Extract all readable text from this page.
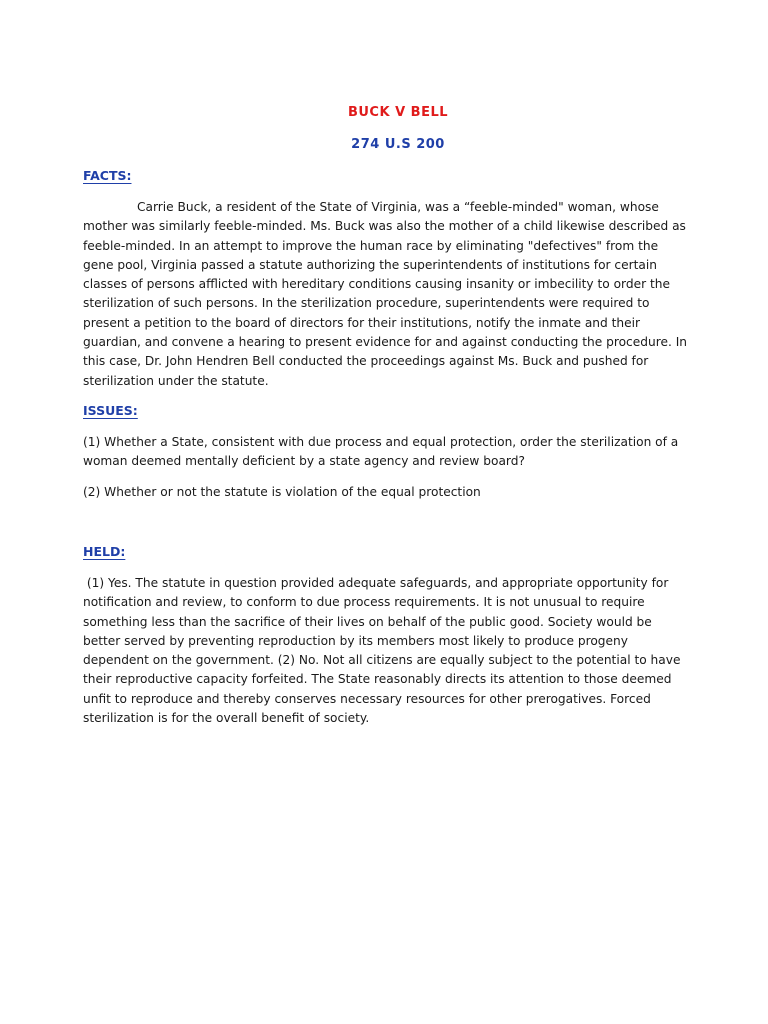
BUCK V BELL
274 U.S 200
FACTS:

Carrie Buck, a resident of the State of Virginia, was a “feeble-minded" woman, whose mother was similarly feeble-minded. Ms. Buck was also the mother of a child likewise described as feeble-minded. In an attempt to improve the human race by eliminating "defectives" from the gene pool, Virginia passed a statute authorizing the superintendents of institutions for certain classes of persons afflicted with hereditary conditions causing insanity or imbecility to order the sterilization of such persons. In the sterilization procedure, superintendents were required to present a petition to the board of directors for their institutions, notify the inmate and their guardian, and convene a hearing to present evidence for and against conducting the procedure. In this case, Dr. John Hendren Bell conducted the proceedings against Ms. Buck and pushed for sterilization under the statute.

ISSUES:

(1) Whether a State, consistent with due process and equal protection, order the sterilization of a woman deemed mentally deficient by a state agency and review board?

(2) Whether or not the statute is violation of the equal protection

HELD:

(1) Yes. The statute in question provided adequate safeguards, and appropriate opportunity for notification and review, to conform to due process requirements. It is not unusual to require something less than the sacrifice of their lives on behalf of the public good. Society would be better served by preventing reproduction by its members most likely to produce progeny dependent on the government. (2) No. Not all citizens are equally subject to the potential to have their reproductive capacity forfeited. The State reasonably directs its attention to those deemed unfit to reproduce and thereby conserves necessary resources for other prerogatives. Forced sterilization is for the overall benefit of society.
